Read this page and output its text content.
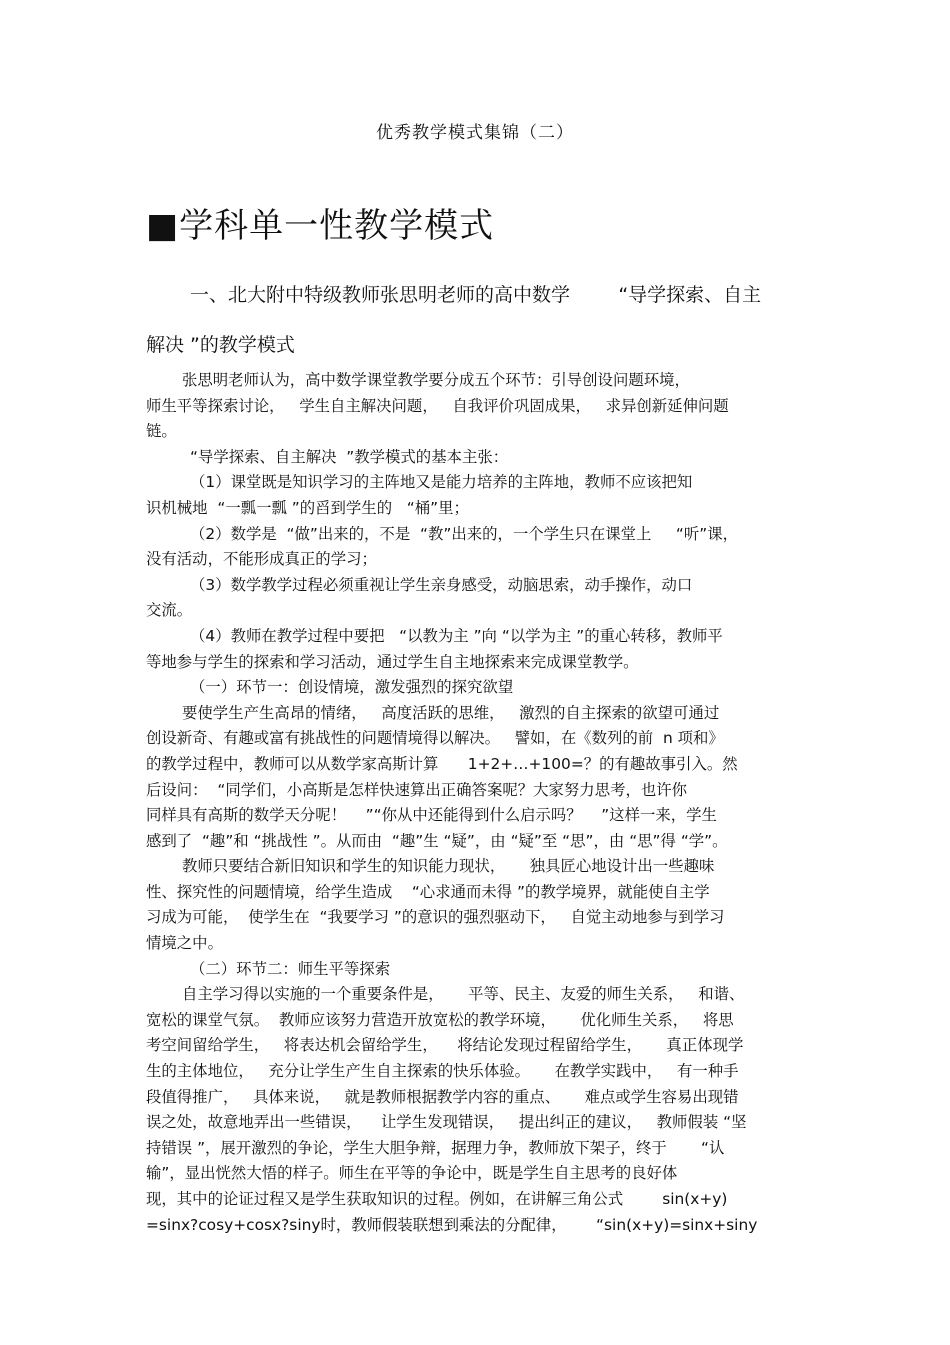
优秀教学模式集锦（二）
■学科单一性教学模式
一、北大附中特级教师张思明老师的高中数学        “导学探索、自主
解决 ”的教学模式
张思明老师认为，高中数学课堂教学要分成五个环节：引导创设问题环境，
师生平等探索讨论，   学生自主解决问题，   自我评价巩固成果，   求异创新延伸问题
链。
“导学探索、自主解决  ”教学模式的基本主张：
（1）课堂既是知识学习的主阵地又是能力培养的主阵地，教师不应该把知
识机械地  “一瓢一瓢 ”的舀到学生的   “桶”里；
（2）数学是  “做”出来的，不是  “教”出来的，一个学生只在课堂上     “听”课，
没有活动，不能形成真正的学习；
（3）数学教学过程必须重视让学生亲身感受，动脑思索，动手操作，动口
交流。
（4）教师在教学过程中要把   “以教为主 ”向 “以学为主 ”的重心转移，教师平
等地参与学生的探索和学习活动，通过学生自主地探索来完成课堂教学。
（一）环节一：创设情境，激发强烈的探究欲望
要使学生产生高昂的情绪，   高度活跃的思维，   激烈的自主探索的欲望可通过
创设新奇、有趣或富有挑战性的问题情境得以解决。   譬如，在《数列的前  n 项和》
的教学过程中，教师可以从数学家高斯计算      1+2+…+100=？的有趣故事引入。然
后设问：  “同学们，小高斯是怎样快速算出正确答案呢？大家努力思考，也许你
同样具有高斯的数学天分呢！    ”“你从中还能得到什么启示吗？    ”这样一来，学生
感到了  “趣”和 “挑战性 ”。从而由  “趣”生 “疑”，由 “疑”至 “思”，由 “思”得 “学”。
教师只要结合新旧知识和学生的知识能力现状，     独具匠心地设计出一些趣味
性、探究性的问题情境，给学生造成    “心求通而未得 ”的教学境界，就能使自主学
习成为可能，  使学生在  “我要学习 ”的意识的强烈驱动下，   自觉主动地参与到学习
情境之中。
（二）环节二：师生平等探索
自主学习得以实施的一个重要条件是，     平等、民主、友爱的师生关系，   和谐、
宽松的课堂气氛。  教师应该努力营造开放宽松的教学环境，     优化师生关系，   将思
考空间留给学生，   将表达机会留给学生，    将结论发现过程留给学生，     真正体现学
生的主体地位，   充分让学生产生自主探索的快乐体验。     在教学实践中，   有一种手
段值得推广，   具体来说，   就是教师根据教学内容的重点、     难点或学生容易出现错
误之处，故意地弄出一些错误，    让学生发现错误，   提出纠正的建议，   教师假装 “坚
持错误 ”，展开激烈的争论，学生大胆争辩，据理力争，教师放下架子，终于       “认
输”，显出恍然大悟的样子。师生在平等的争论中，既是学生自主思考的良好体
现，其中的论证过程又是学生获取知识的过程。例如，在讲解三角公式        sin(x+y)
=sinx?cosy+cosx?siny时，教师假装联想到乘法的分配律，      “sin(x+y)=sinx+siny
